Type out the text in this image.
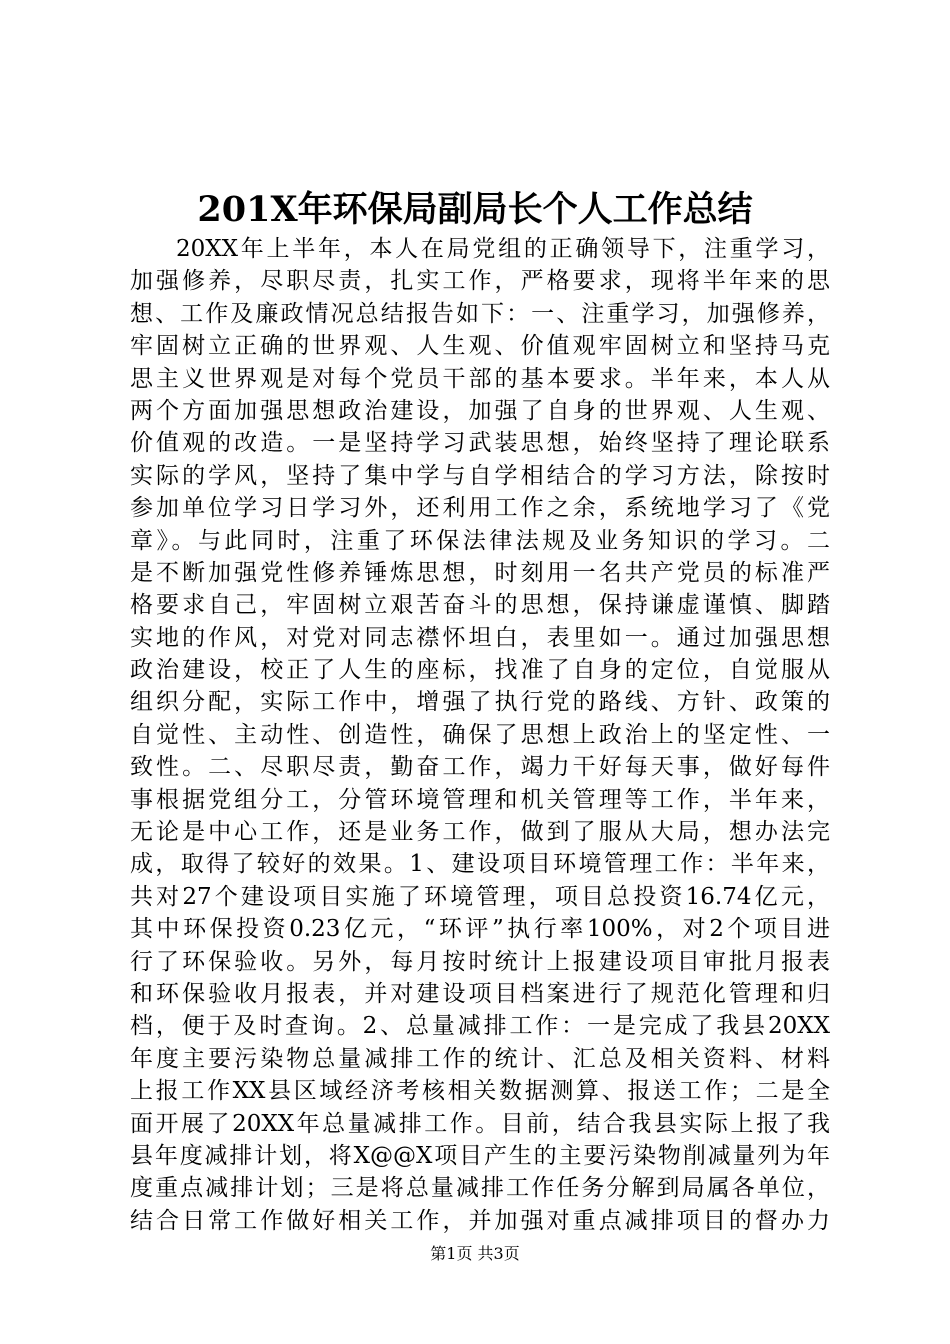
201X年环保局副局长个人工作总结
20XX年上半年，本人在局党组的正确领导下，注重学习，
加强修养，尽职尽责，扎实工作，严格要求，现将半年来的思
想、工作及廉政情况总结报告如下：一、注重学习，加强修养，
牢固树立正确的世界观、人生观、价值观牢固树立和坚持马克
思主义世界观是对每个党员干部的基本要求。半年来，本人从
两个方面加强思想政治建设，加强了自身的世界观、人生观、
价值观的改造。一是坚持学习武装思想，始终坚持了理论联系
实际的学风，坚持了集中学与自学相结合的学习方法，除按时
参加单位学习日学习外，还利用工作之余，系统地学习了《党
章》。与此同时，注重了环保法律法规及业务知识的学习。二
是不断加强党性修养锤炼思想，时刻用一名共产党员的标准严
格要求自己，牢固树立艰苦奋斗的思想，保持谦虚谨慎、脚踏
实地的作风，对党对同志襟怀坦白，表里如一。通过加强思想
政治建设，校正了人生的座标，找准了自身的定位，自觉服从
组织分配，实际工作中，增强了执行党的路线、方针、政策的
自觉性、主动性、创造性，确保了思想上政治上的坚定性、一
致性。二、尽职尽责，勤奋工作，竭力干好每天事，做好每件
事根据党组分工，分管环境管理和机关管理等工作，半年来，
无论是中心工作，还是业务工作，做到了服从大局，想办法完
成，取得了较好的效果。1、建设项目环境管理工作：半年来，
共对27个建设项目实施了环境管理，项目总投资16.74亿元，
其中环保投资0.23亿元，“环评”执行率100%，对2个项目进
行了环保验收。另外，每月按时统计上报建设项目审批月报表
和环保验收月报表，并对建设项目档案进行了规范化管理和归
档，便于及时查询。2、总量减排工作：一是完成了我县20XX
年度主要污染物总量减排工作的统计、汇总及相关资料、材料
上报工作XX县区域经济考核相关数据测算、报送工作；二是全
面开展了20XX年总量减排工作。目前，结合我县实际上报了我
县年度减排计划，将X@@X项目产生的主要污染物削减量列为年
度重点减排计划；三是将总量减排工作任务分解到局属各单位，
结合日常工作做好相关工作，并加强对重点减排项目的督办力
第1页 共3页
